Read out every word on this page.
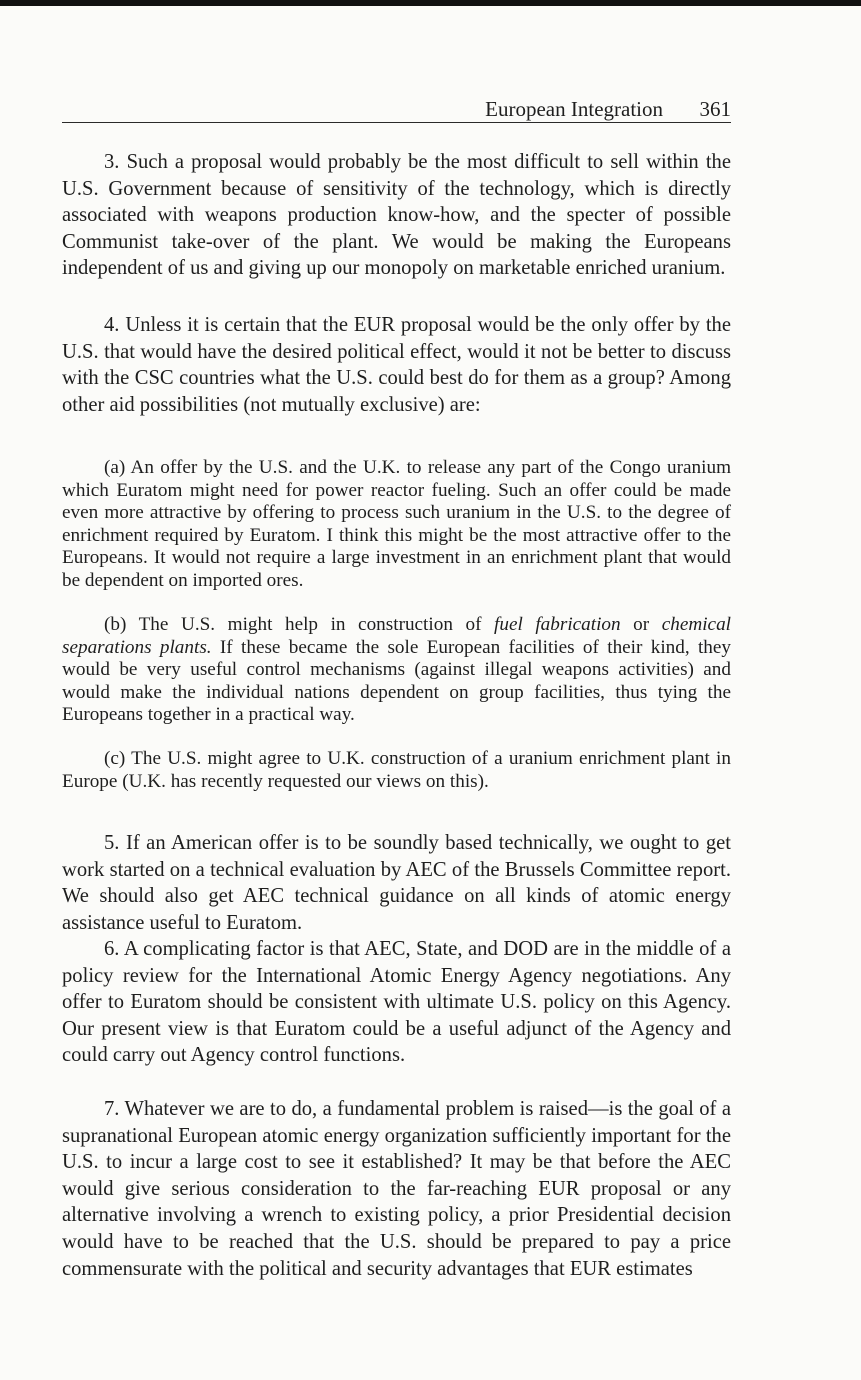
European Integration 361

3. Such a proposal would probably be the most difficult to sell within the U.S. Government because of sensitivity of the technology, which is directly associated with weapons production know-how, and the specter of possible Communist take-over of the plant. We would be making the Europeans independent of us and giving up our monopoly on marketable enriched uranium.

4. Unless it is certain that the EUR proposal would be the only offer by the U.S. that would have the desired political effect, would it not be better to discuss with the CSC countries what the U.S. could best do for them as a group? Among other aid possibilities (not mutually exclusive) are:

(a) An offer by the U.S. and the U.K. to release any part of the Congo uranium which Euratom might need for power reactor fueling. Such an offer could be made even more attractive by offering to process such uranium in the U.S. to the degree of enrichment required by Euratom. I think this might be the most attractive offer to the Europeans. It would not require a large investment in an enrichment plant that would be dependent on imported ores.

(b) The U.S. might help in construction of fuel fabrication or chemical separations plants. If these became the sole European facilities of their kind, they would be very useful control mechanisms (against illegal weapons activities) and would make the individual nations dependent on group facilities, thus tying the Europeans together in a practical way.

(c) The U.S. might agree to U.K. construction of a uranium enrichment plant in Europe (U.K. has recently requested our views on this).

5. If an American offer is to be soundly based technically, we ought to get work started on a technical evaluation by AEC of the Brussels Committee report. We should also get AEC technical guidance on all kinds of atomic energy assistance useful to Euratom.

6. A complicating factor is that AEC, State, and DOD are in the middle of a policy review for the International Atomic Energy Agency negotiations. Any offer to Euratom should be consistent with ultimate U.S. policy on this Agency. Our present view is that Euratom could be a useful adjunct of the Agency and could carry out Agency control functions.

7. Whatever we are to do, a fundamental problem is raised—is the goal of a supranational European atomic energy organization sufficiently important for the U.S. to incur a large cost to see it established? It may be that before the AEC would give serious consideration to the far-reaching EUR proposal or any alternative involving a wrench to existing policy, a prior Presidential decision would have to be reached that the U.S. should be prepared to pay a price commensurate with the political and security advantages that EUR estimates
